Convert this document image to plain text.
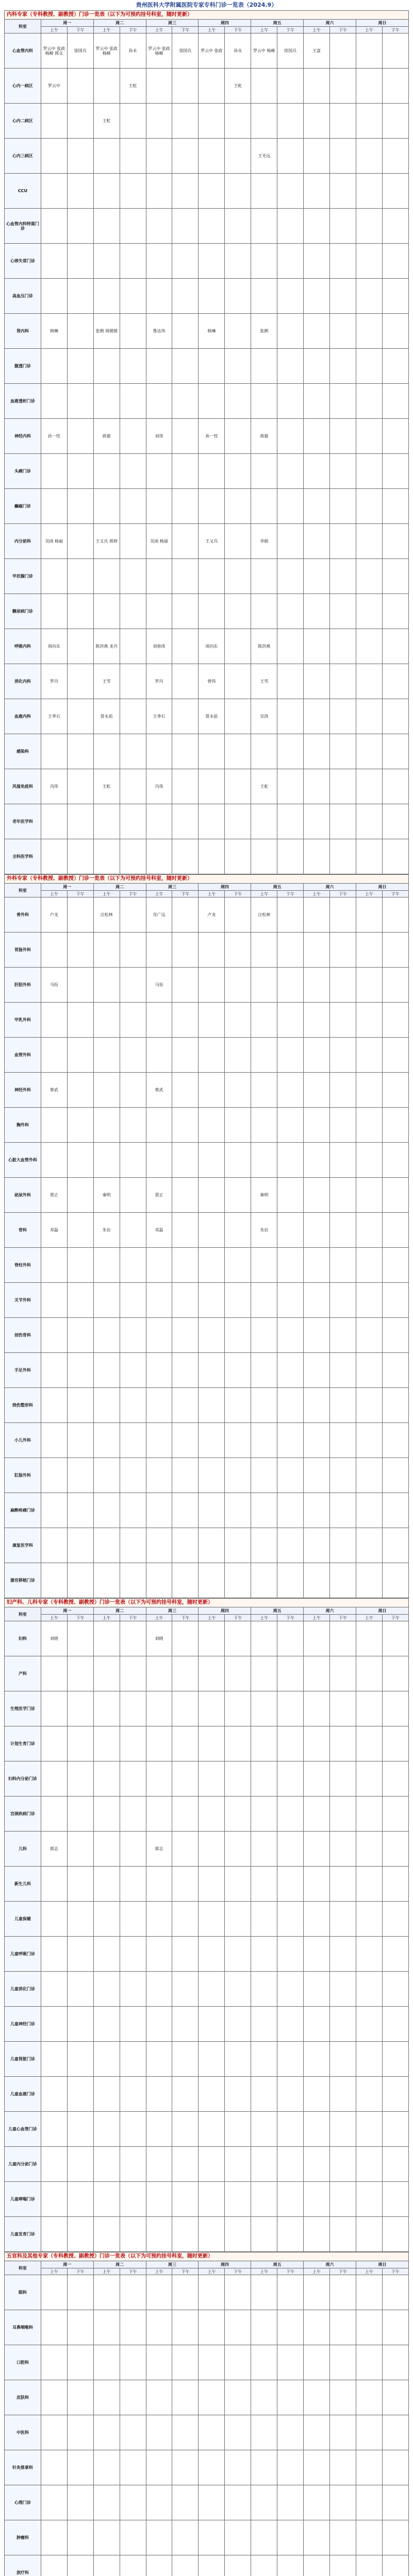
贵州医科大学附属医院专家专科门诊一览表（2024.9）
内科专家（专科教授、副教授）门诊一览表（以下为可预约挂号科室，随时更新）
科室	周一		周二		周三		周四		周五		周六		周日	
	上午	下午	上午	下午	上午	下午	上午	下午	上午	下午	上午	下午	上午	下午
心血管内科	罗云中 张政 杨峰 郭文	徐国兵	罗云中 张政 杨峰	孙永	罗云中 张政 杨峰	徐国兵	罗云中 张政	孙永	罗云中 杨峰	徐国兵	王富			
心内一病区	罗云中			王虹				王虹						
心内二病区			王虹											
心内三病区									王光远					
CCU														
心血管内科特需门诊														
心律失常门诊														
高血压门诊														
肾内科	韩琳		张俐 周媛媛		鲁达伟		韩琳		张俐					
腹透门诊														
血液透析门诊														
神经内科	孙一忱		蒋毅		刘伟		孙一忱		蒋毅					
头痛门诊														
癫痫门诊														
内分泌科	吴雨 杨丽		王义兵 蒋婷		吴雨 杨丽		王义兵		李娟					
甲状腺门诊														
糖尿病门诊														
呼吸内科	周向东		陈洪燕 龙丹		刘春涛		周向东		陈洪燕					
消化内科	罗丹		王雪		罗丹		曾伟		王雪					
血液内科	王季石		贾永前		王季石		贾永前		吴涛					
感染科														
风湿免疫科	冯伟		王虹		冯伟				王虹					
老年医学科														
全科医学科														
外科专家（专科教授、副教授）门诊一览表（以下为可预约挂号科室，随时更新）
科室	周一		周二		周三		周四		周五		周六		周日	
	上午	下午	上午	下午	上午	下午	上午	下午	上午	下午	上午	下午	上午	下午
普外科	卢龙		汪松林		肖广远		卢龙		汪松林					
胃肠外科														
肝胆外科	马恒				马恒									
甲乳外科														
血管外科														
神经外科	蔡武				蔡武									
胸外科														
心脏大血管外科														
泌尿外科	贾正		秦明		贾正				秦明					
骨科	邓磊		朱岩		邓磊				朱岩					
脊柱外科														
关节外科														
创伤骨科														
手足外科														
烧伤整形科														
小儿外科														
肛肠外科														
麻醉疼痛门诊														
康复医学科														
器官移植门诊														
妇产科、儿科专家（专科教授、副教授）门诊一览表（以下为可预约挂号科室，随时更新）
科室	周一		周二		周三		周四		周五		周六		周日	
	上午	下午	上午	下午	上午	下午	上午	下午	上午	下午	上午	下午	上午	下午
妇科	刘晓				刘晓									
产科														
生殖医学门诊														
计划生育门诊														
妇科内分泌门诊														
宫颈疾病门诊														
儿科	郭志				郭志									
新生儿科														
儿童保健														
儿童呼吸门诊														
儿童消化门诊														
儿童神经门诊														
儿童肾脏门诊														
儿童血液门诊														
儿童心血管门诊														
儿童内分泌门诊														
儿童哮喘门诊														
儿童发育门诊														
五官科及其他专家（专科教授、副教授）门诊一览表（以下为可预约挂号科室，随时更新）
科室	周一		周二		周三		周四		周五		周六		周日	
	上午	下午	上午	下午	上午	下午	上午	下午	上午	下午	上午	下午	上午	下午
眼科														
耳鼻咽喉科														
口腔科														
皮肤科														
中医科														
针灸推拿科														
心理门诊														
肿瘤科														
放疗科														
